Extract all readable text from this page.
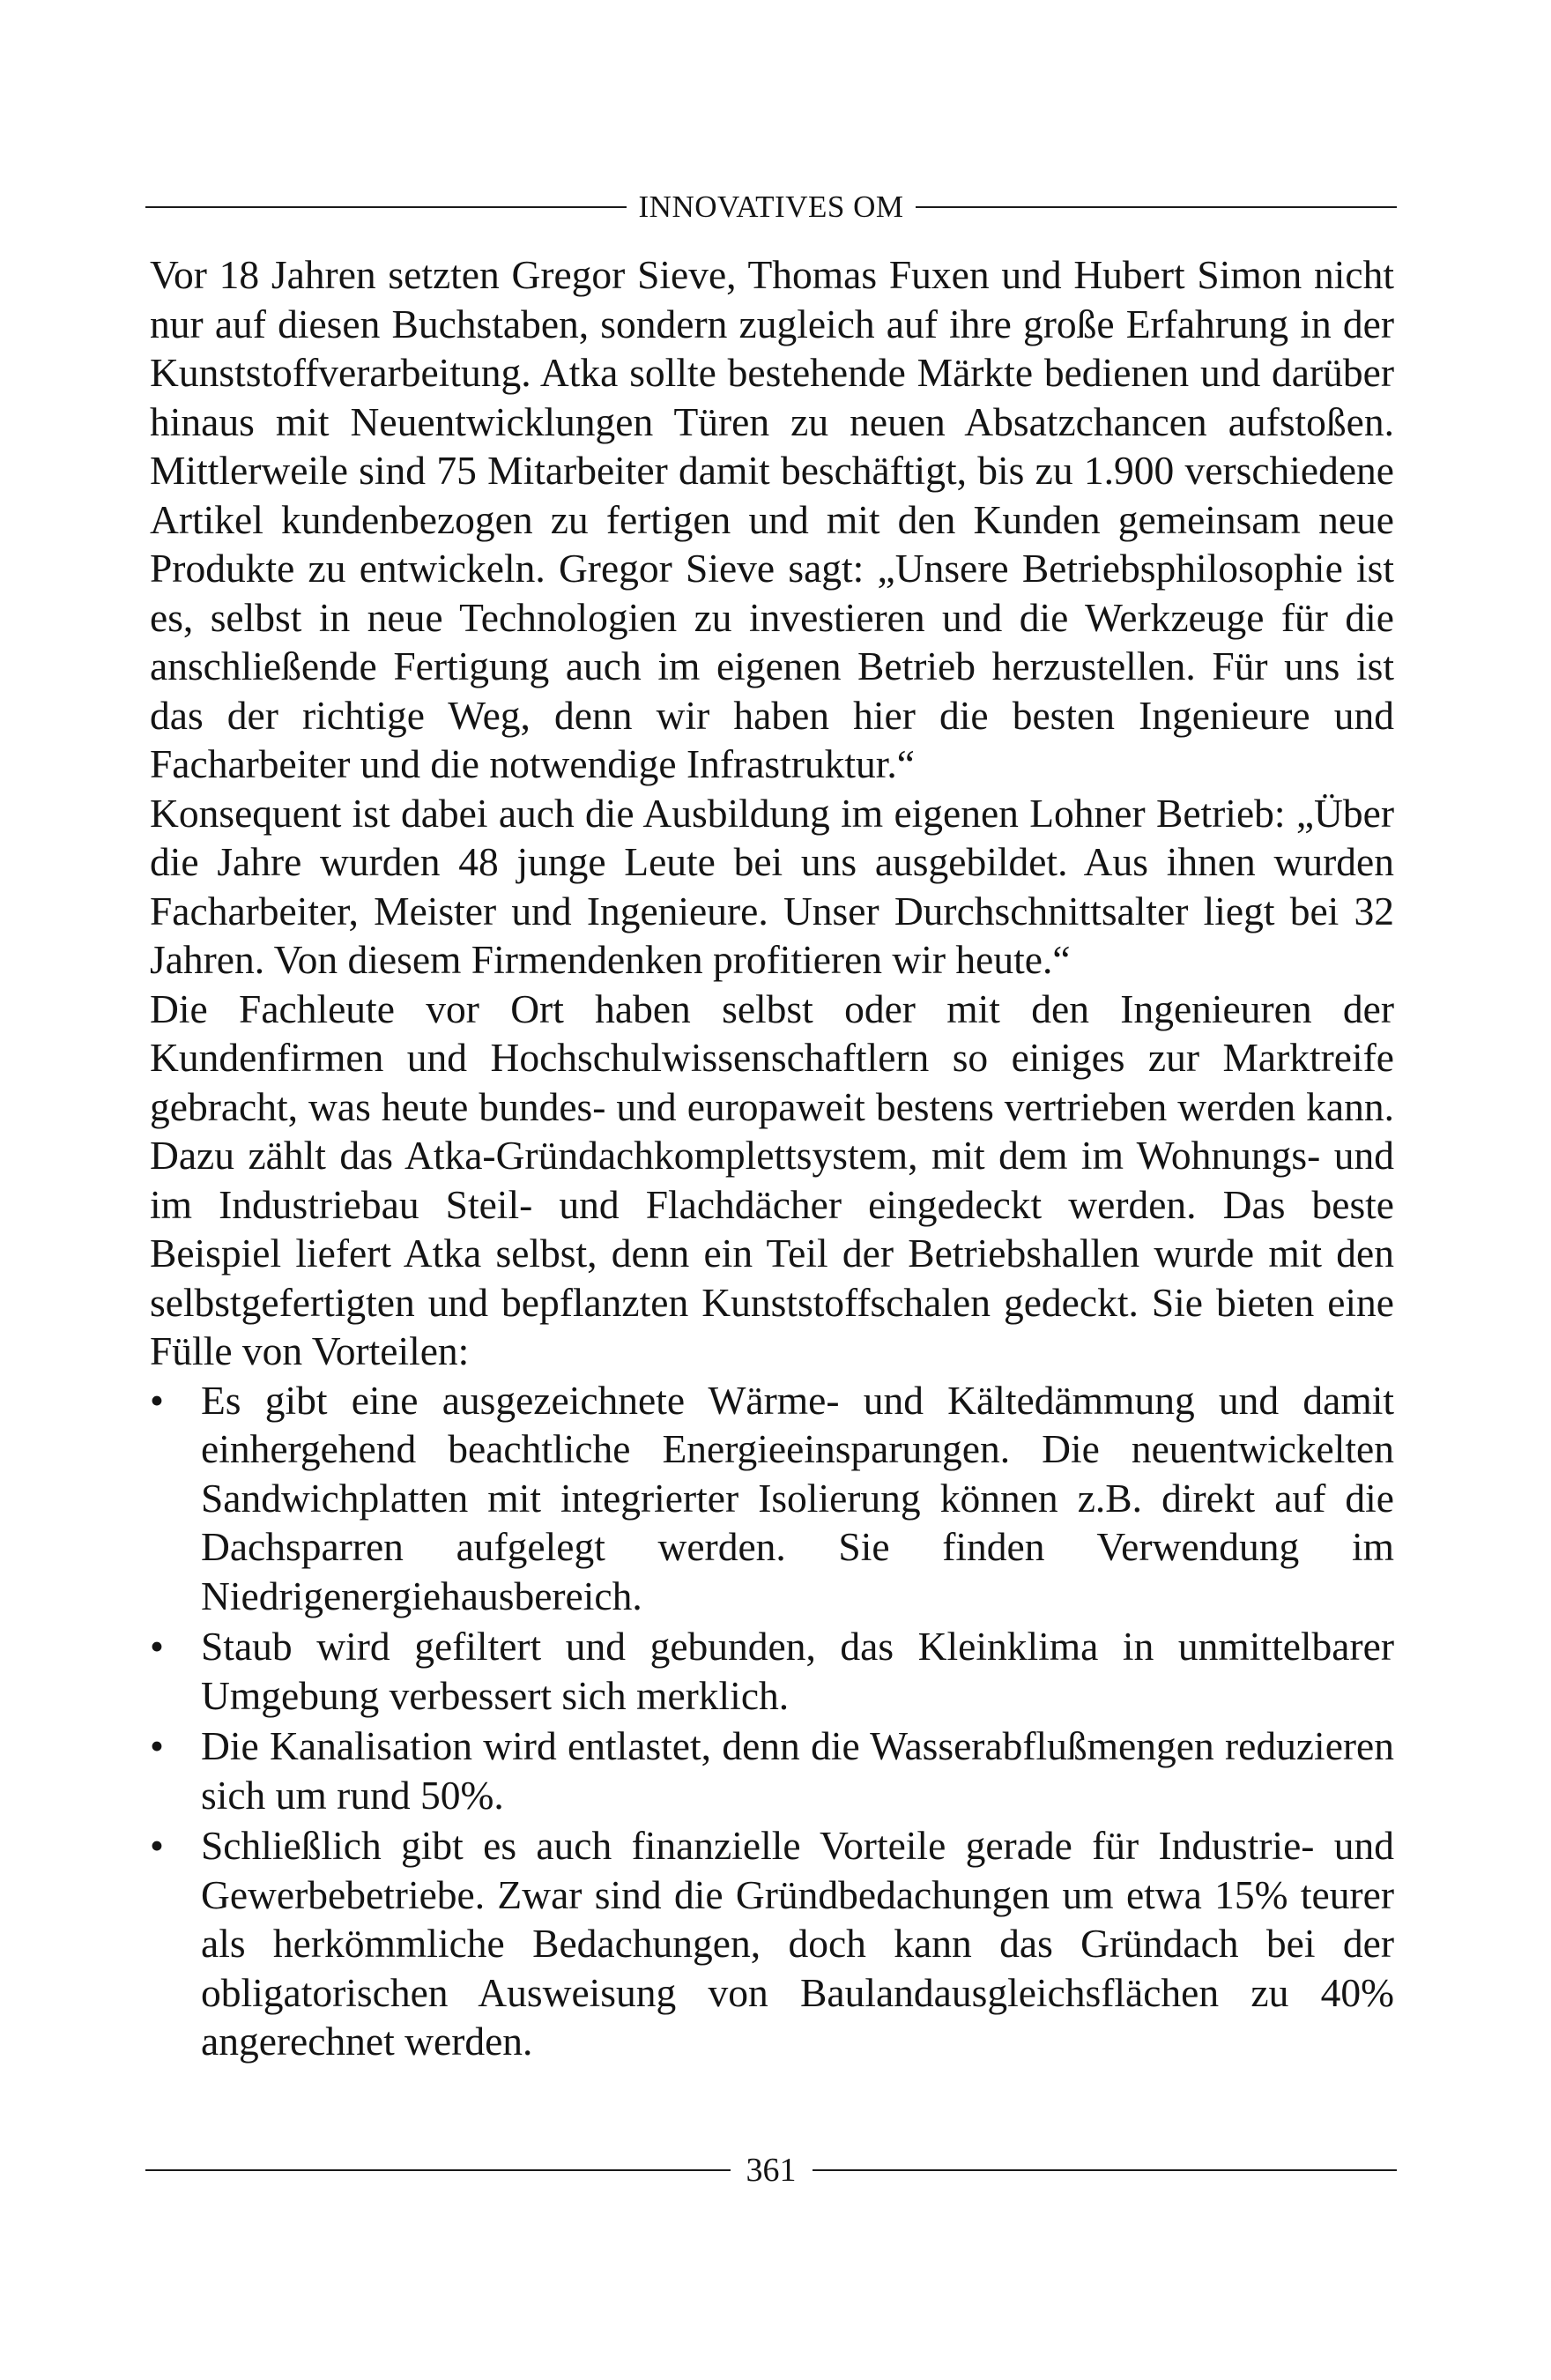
INNOVATIVES OM

Vor 18 Jahren setzten Gregor Sieve, Thomas Fuxen und Hubert Simon nicht nur auf diesen Buchstaben, sondern zugleich auf ihre große Erfahrung in der Kunststoffverarbeitung. Atka sollte bestehende Märkte bedienen und darüber hinaus mit Neuentwicklungen Türen zu neuen Absatzchancen aufstoßen. Mittlerweile sind 75 Mitarbeiter damit beschäftigt, bis zu 1.900 verschiedene Artikel kundenbezogen zu fertigen und mit den Kunden gemeinsam neue Produkte zu entwickeln. Gregor Sieve sagt: „Unsere Betriebsphilosophie ist es, selbst in neue Technologien zu investieren und die Werkzeuge für die anschließende Fertigung auch im eigenen Betrieb herzustellen. Für uns ist das der richtige Weg, denn wir haben hier die besten Ingenieure und Facharbeiter und die notwendige Infrastruktur.“

Konsequent ist dabei auch die Ausbildung im eigenen Lohner Betrieb: „Über die Jahre wurden 48 junge Leute bei uns ausgebildet. Aus ihnen wurden Facharbeiter, Meister und Ingenieure. Unser Durchschnittsalter liegt bei 32 Jahren. Von diesem Firmendenken profitieren wir heute.“

Die Fachleute vor Ort haben selbst oder mit den Ingenieuren der Kundenfirmen und Hochschulwissenschaftlern so einiges zur Marktreife gebracht, was heute bundes- und europaweit bestens vertrieben werden kann. Dazu zählt das Atka-Gründachkomplettsystem, mit dem im Wohnungs- und im Industriebau Steil- und Flachdächer eingedeckt werden. Das beste Beispiel liefert Atka selbst, denn ein Teil der Betriebshallen wurde mit den selbstgefertigten und bepflanzten Kunststoffschalen gedeckt. Sie bieten eine Fülle von Vorteilen:

• Es gibt eine ausgezeichnete Wärme- und Kältedämmung und damit einhergehend beachtliche Energieeinsparungen. Die neuentwickelten Sandwichplatten mit integrierter Isolierung können z.B. direkt auf die Dachsparren aufgelegt werden. Sie finden Verwendung im Niedrigenergiehausbereich.
• Staub wird gefiltert und gebunden, das Kleinklima in unmittelbarer Umgebung verbessert sich merklich.
• Die Kanalisation wird entlastet, denn die Wasserabflußmengen reduzieren sich um rund 50%.
• Schließlich gibt es auch finanzielle Vorteile gerade für Industrie- und Gewerbebetriebe. Zwar sind die Gründbedachungen um etwa 15% teurer als herkömmliche Bedachungen, doch kann das Gründach bei der obligatorischen Ausweisung von Baulandausgleichsflächen zu 40% angerechnet werden.
361
